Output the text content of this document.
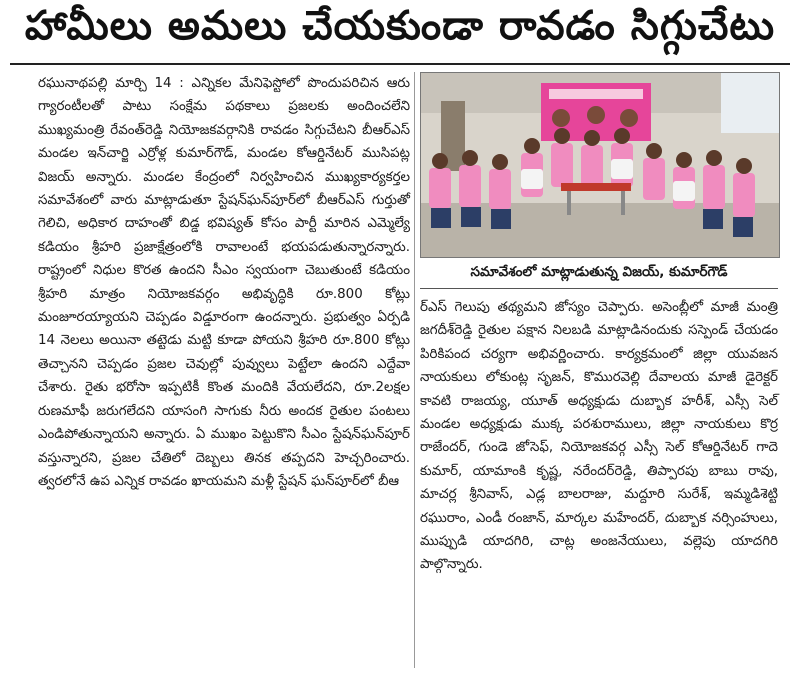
హామీలు అమలు చేయకుండా రావడం సిగ్గుచేటు

రఘునాథపల్లి మార్చి 14 : ఎన్నికల మేనిఫెస్టోలో పొందుపరిచిన ఆరు గ్యారంటీలతో పాటు సంక్షేమ పథకాలు ప్రజలకు అందించలేని ముఖ్యమంత్రి రేవంత్‌రెడ్డి నియోజకవర్గానికి రావడం సిగ్గుచేటని బీఆర్‌ఎస్ మండల ఇన్‌చార్జి ఎర్రోళ్ల కుమార్‌గౌడ్, మండల కోఆర్డినేటర్ ముసిపట్ల విజయ్ అన్నారు. మండల కేంద్రంలో నిర్వహించిన ముఖ్యకార్యకర్తల సమావేశంలో వారు మాట్లాడుతూ స్టేషన్‌ఘన్‌పూర్‌లో బీఆర్‌ఎస్ గుర్తుతో గెలిచి, అధికార దాహంతో బిడ్డ భవిష్యత్ కోసం పార్టీ మారిన ఎమ్మెల్యే కడియం శ్రీహరి ప్రజాక్షేత్రంలోకి రావాలంటే భయపడుతున్నారన్నారు. రాష్ట్రంలో నిధుల కొరత ఉందని సీఎం స్వయంగా చెబుతుంటే కడియం శ్రీహరి మాత్రం నియోజకవర్గం అభివృద్ధికి రూ.800 కోట్లు మంజూరయ్యాయని చెప్పడం విడ్డూరంగా ఉందన్నారు. ప్రభుత్వం ఏర్పడి 14 నెలలు అయినా తట్టెడు మట్టి కూడా పోయని శ్రీహరి రూ.800 కోట్లు తెచ్చానని చెప్పడం ప్రజల చెవుల్లో పువ్వులు పెట్టేలా ఉందని ఎద్దేవా చేశారు. రైతు భరోసా ఇప్పటికీ కొంత మందికి వేయలేదని, రూ.2లక్షల రుణమాఫీ జరుగలేదని యాసంగి సాగుకు నీరు అందక రైతుల పంటలు ఎండిపోతున్నాయని అన్నారు. ఏ ముఖం పెట్టుకొని సీఎం స్టేషన్‌ఘన్‌పూర్ వస్తున్నారని, ప్రజల చేతిలో దెబ్బలు తినక తప్పదని హెచ్చరించారు. త్వరలోనే ఉప ఎన్నిక రావడం ఖాయమని మళ్లీ స్టేషన్ ఘన్‌పూర్‌లో బీఆ

సమావేశంలో మాట్లాడుతున్న విజయ్, కుమార్‌గౌడ్

ర్‌ఎస్ గెలుపు తథ్యమని జోస్యం చెప్పారు. అసెంబ్లీలో మాజీ మంత్రి జగదీశ్‌రెడ్డి రైతుల పక్షాన నిలబడి మాట్లాడినందుకు సస్పెండ్ చేయడం పిరికిపంద చర్యగా అభివర్ణించారు. కార్యక్రమంలో జిల్లా యువజన నాయకులు లోకుంట్ల సృజన్, కొమురవెల్లి దేవాలయ మాజీ డైరెక్టర్ కావటి రాజయ్య, యూత్ అధ్యక్షుడు దుబ్బాక హరీశ్, ఎస్సీ సెల్ మండల అధ్యక్షుడు ముక్క పరశురాములు, జిల్లా నాయకులు కొర్ర రాజేందర్, గుండె జోసెఫ్, నియోజకవర్గ ఎస్సీ సెల్ కోఆర్డినేటర్ గాదె కుమార్, యామాంకి కృష్ణ, నరేందర్‌రెడ్డి, తిప్పారపు బాబు రావు, మాచర్ల శ్రీనివాస్, ఎడ్ల బాలరాజు, మద్దూరి సురేశ్, ఇమ్మడిశెట్టి రఘురాం, ఎండీ రంజాన్, మార్కల మహేందర్, దుబ్బాక నర్సింహులు, ముప్పుడి యాదగిరి, చాట్ల అంజనేయులు, వల్లెపు యాదగిరి పాల్గొన్నారు.
